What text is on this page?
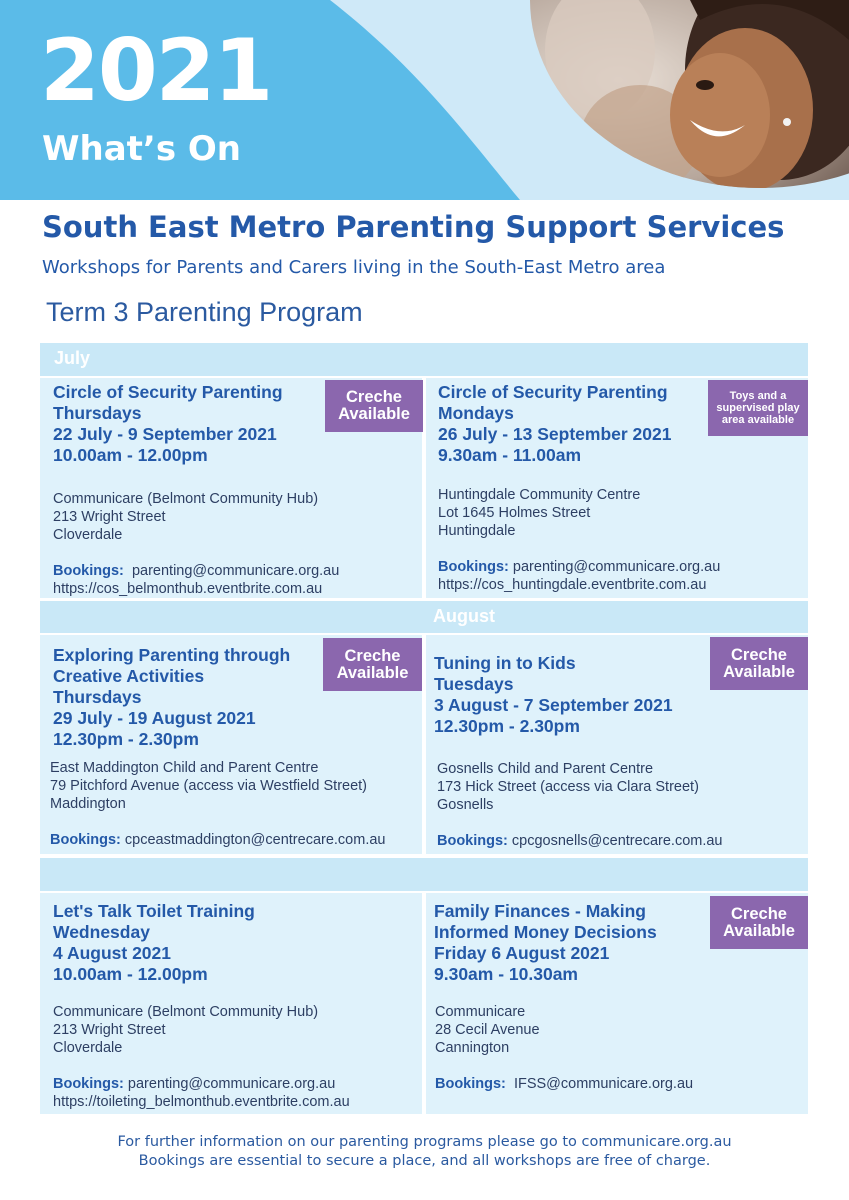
2021
What’s On
South East Metro Parenting Support Services
Workshops for Parents and Carers living in the South-East Metro area
Term 3 Parenting Program
July
Circle of Security Parenting
Thursdays
22 July - 9 September 2021
10.00am - 12.00pm
Communicare (Belmont Community Hub)
213 Wright Street
Cloverdale
Bookings: parenting@communicare.org.au
https://cos_belmonthub.eventbrite.com.au
Creche
Available
Circle of Security Parenting
Mondays
26 July - 13 September 2021
9.30am - 11.00am
Huntingdale Community Centre
Lot 1645 Holmes Street
Huntingdale
Bookings: parenting@communicare.org.au
https://cos_huntingdale.eventbrite.com.au
Toys and a
supervised play
area available
August
Exploring Parenting through
Creative Activities
Thursdays
29 July - 19 August 2021
12.30pm - 2.30pm
East Maddington Child and Parent Centre
79 Pitchford Avenue (access via Westfield Street)
Maddington
Bookings: cpceastmaddington@centrecare.com.au
Creche
Available Tuning in to Kids
Tuesdays
3 August - 7 September 2021
12.30pm - 2.30pm
Gosnells Child and Parent Centre
173 Hick Street (access via Clara Street)
Gosnells
Bookings: cpcgosnells@centrecare.com.au
Creche
Available
Let's Talk Toilet Training
Wednesday
4 August 2021
10.00am - 12.00pm
Communicare (Belmont Community Hub)
213 Wright Street
Cloverdale
Bookings: parenting@communicare.org.au
https://toileting_belmonthub.eventbrite.com.au
Family Finances - Making
Informed Money Decisions
Friday 6 August 2021
9.30am - 10.30am
Communicare
28 Cecil Avenue
Cannington
Bookings: IFSS@communicare.org.au
Creche
Available
For further information on our parenting programs please go to communicare.org.au
Bookings are essential to secure a place, and all workshops are free of charge.
